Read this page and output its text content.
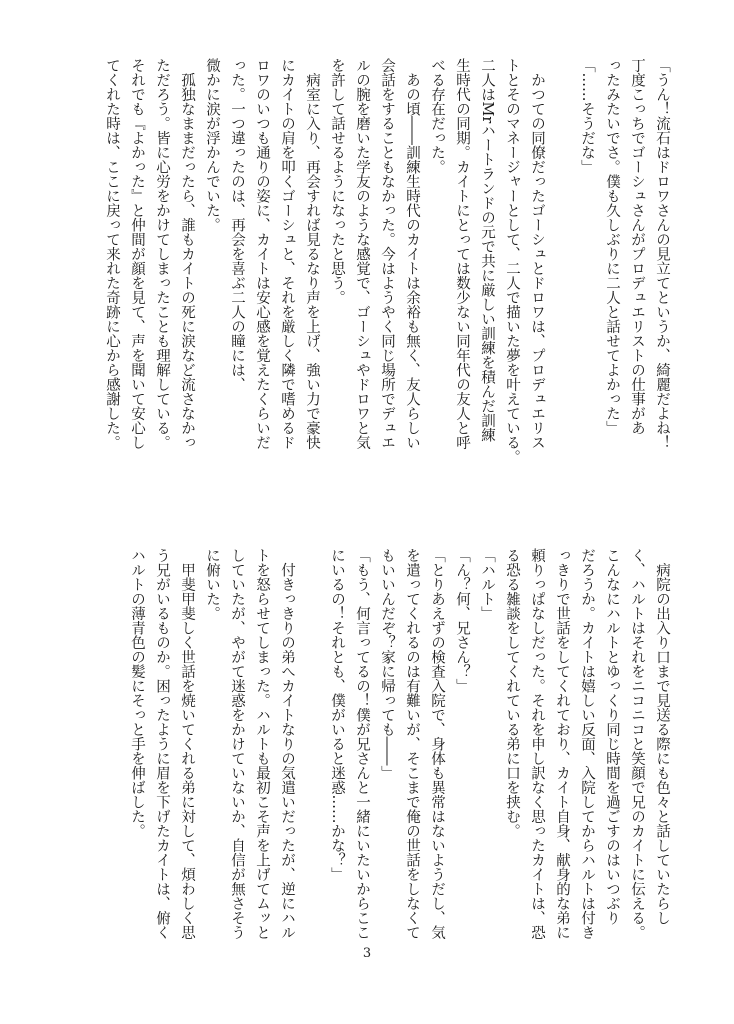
「うん！流石はドロワさんの見立てというか、綺麗だよね！
丁度こっちでゴーシュさんがプロデュエリストの仕事があ
ったみたいでさ。僕も久しぶりに二人と話せてよかった」
「……そうだな」

　かつての同僚だったゴーシュとドロワは、プロデュエリス
トとそのマネージャーとして、二人で描いた夢を叶えている。
二人はMrハートランドの元で共に厳しい訓練を積んだ訓練
生時代の同期。カイトにとっては数少ない同年代の友人と呼
べる存在だった。
　あの頃――訓練生時代のカイトは余裕も無く、友人らしい
会話をすることもなかった。今はようやく同じ場所でデュエ
ルの腕を磨いた学友のような感覚で、ゴーシュやドロワと気
を許して話せるようになったと思う。
　病室に入り、再会すれば見るなり声を上げ、強い力で豪快
にカイトの肩を叩くゴーシュと、それを厳しく隣で嗜めるド
ロワのいつも通りの姿に、カイトは安心感を覚えたくらいだ
った。一つ違ったのは、再会を喜ぶ二人の瞳には、
微かに涙が浮かんでいた。
　孤独なままだったら、誰もカイトの死に涙など流さなかっ
ただろう。皆に心労をかけてしまったことも理解している。
それでも『よかった』と仲間が顔を見て、声を聞いて安心し
てくれた時は、ここに戻って来れた奇跡に心から感謝した。
　病院の出入り口まで見送る際にも色々と話していたらし
く、ハルトはそれをニコニコと笑顔で兄のカイトに伝える。
こんなにハルトとゆっくり同じ時間を過ごすのはいつぶり
だろうか。カイトは嬉しい反面、入院してからハルトは付き
っきりで世話をしてくれており、カイト自身、献身的な弟に
頼りっぱなしだった。それを申し訳なく思ったカイトは、恐
る恐る雑談をしてくれている弟に口を挟む。
「ハルト」
「ん？何、兄さん？」
「とりあえずの検査入院で、身体も異常はないようだし、気
を遣ってくれるのは有難いが、そこまで俺の世話をしなくて
もいいんだぞ？家に帰っても――」
「もう、何言ってるの！僕が兄さんと一緒にいたいからここ
にいるの！それとも、僕がいると迷惑……かな？」

　付きっきりの弟へカイトなりの気遣いだったが、逆にハル
トを怒らせてしまった。ハルトも最初こそ声を上げてムッと
していたが、やがて迷惑をかけていないか、自信が無さそう
に俯いた。
　甲斐甲斐しく世話を焼いてくれる弟に対して、煩わしく思
う兄がいるものか。困ったように眉を下げたカイトは、俯く
ハルトの薄青色の髪にそっと手を伸ばした。
3
